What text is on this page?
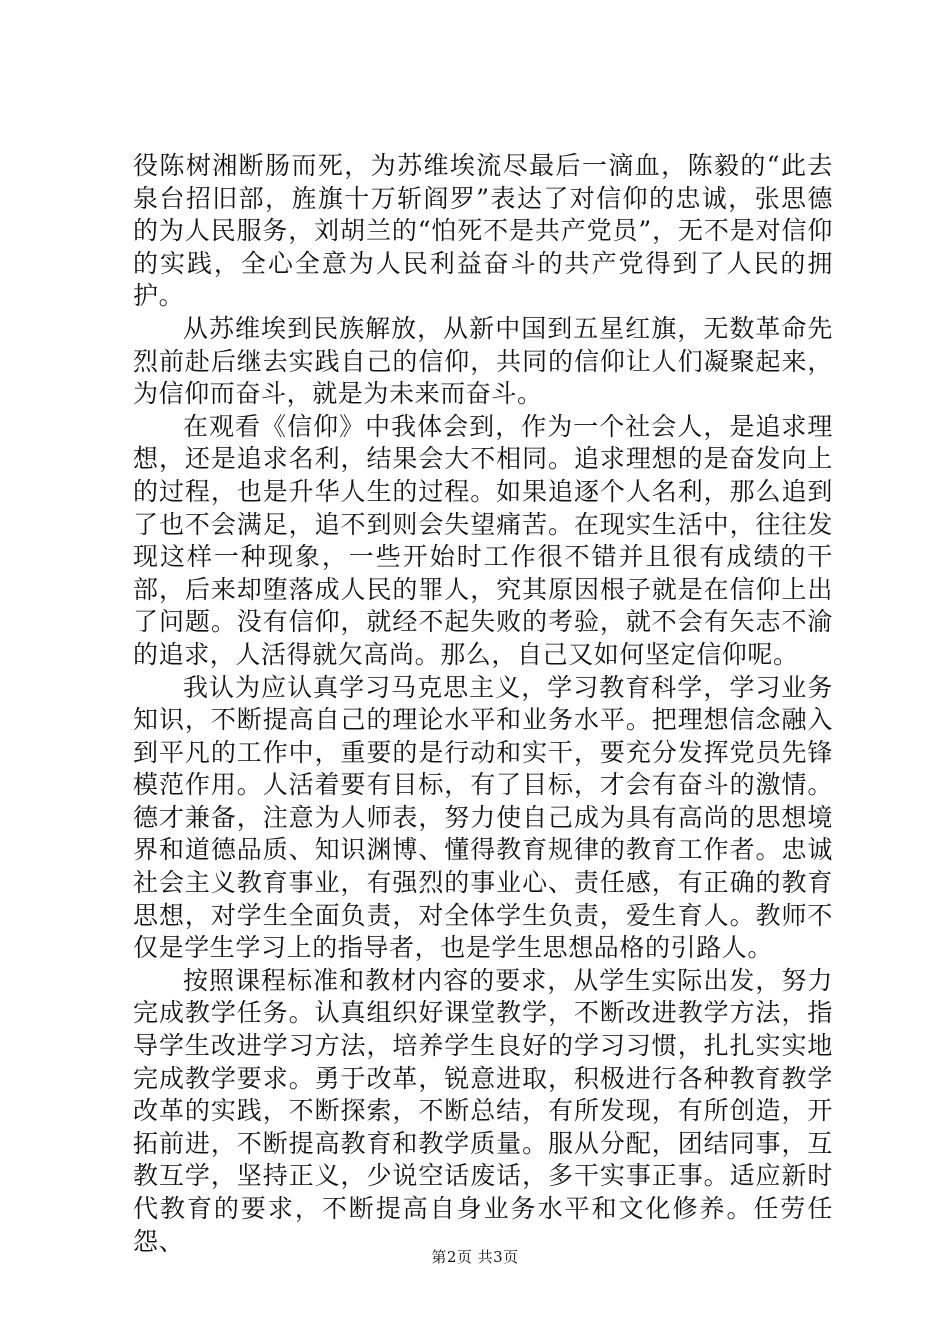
役陈树湘断肠而死，为苏维埃流尽最后一滴血，陈毅的“此去泉台招旧部，旌旗十万斩阎罗”表达了对信仰的忠诚，张思德的为人民服务，刘胡兰的“怕死不是共产党员”，无不是对信仰的实践，全心全意为人民利益奋斗的共产党得到了人民的拥护。

从苏维埃到民族解放，从新中国到五星红旗，无数革命先烈前赴后继去实践自己的信仰，共同的信仰让人们凝聚起来，为信仰而奋斗，就是为未来而奋斗。

在观看《信仰》中我体会到，作为一个社会人，是追求理想，还是追求名利，结果会大不相同。追求理想的是奋发向上的过程，也是升华人生的过程。如果追逐个人名利，那么追到了也不会满足，追不到则会失望痛苦。在现实生活中，往往发现这样一种现象，一些开始时工作很不错并且很有成绩的干部，后来却堕落成人民的罪人，究其原因根子就是在信仰上出了问题。没有信仰，就经不起失败的考验，就不会有矢志不渝的追求，人活得就欠高尚。那么，自己又如何坚定信仰呢。

我认为应认真学习马克思主义，学习教育科学，学习业务知识，不断提高自己的理论水平和业务水平。把理想信念融入到平凡的工作中，重要的是行动和实干，要充分发挥党员先锋模范作用。人活着要有目标，有了目标，才会有奋斗的激情。德才兼备，注意为人师表，努力使自己成为具有高尚的思想境界和道德品质、知识渊博、懂得教育规律的教育工作者。忠诚社会主义教育事业，有强烈的事业心、责任感，有正确的教育思想，对学生全面负责，对全体学生负责，爱生育人。教师不仅是学生学习上的指导者，也是学生思想品格的引路人。

按照课程标准和教材内容的要求，从学生实际出发，努力完成教学任务。认真组织好课堂教学，不断改进教学方法，指导学生改进学习方法，培养学生良好的学习习惯，扎扎实实地完成教学要求。勇于改革，锐意进取，积极进行各种教育教学改革的实践，不断探索，不断总结，有所发现，有所创造，开拓前进，不断提高教育和教学质量。服从分配，团结同事，互教互学，坚持正义，少说空话废话，多干实事正事。适应新时代教育的要求，不断提高自身业务水平和文化修养。任劳任怨、

第2页 共3页
